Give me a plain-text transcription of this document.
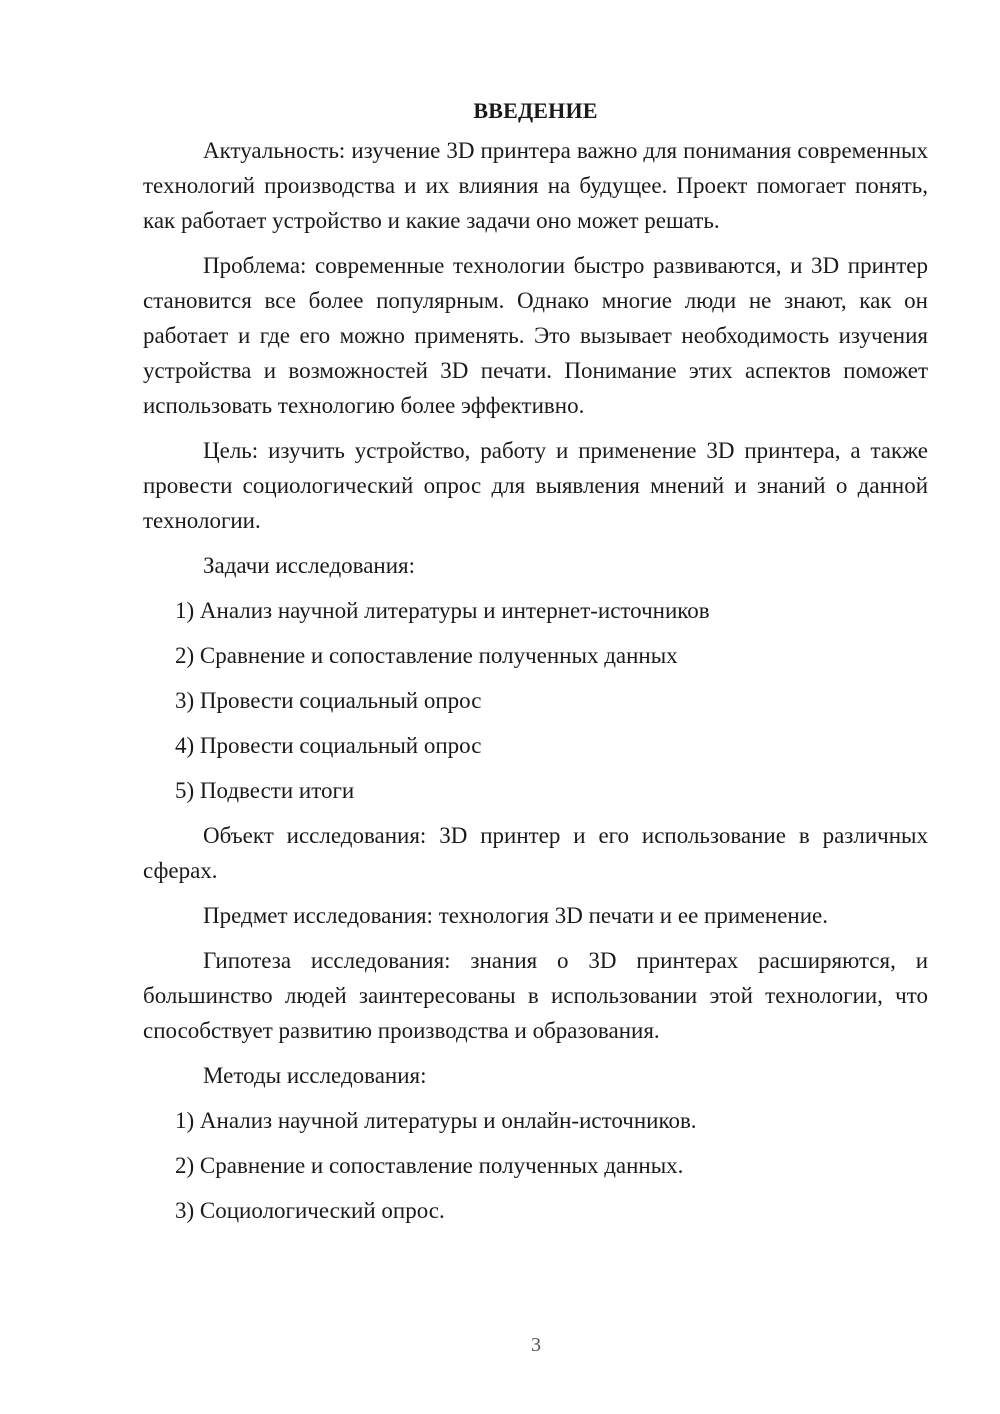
ВВЕДЕНИЕ

Актуальность: изучение 3D принтера важно для понимания современных технологий производства и их влияния на будущее. Проект помогает понять, как работает устройство и какие задачи оно может решать.

Проблема: современные технологии быстро развиваются, и 3D принтер становится все более популярным. Однако многие люди не знают, как он работает и где его можно применять. Это вызывает необходимость изучения устройства и возможностей 3D печати. Понимание этих аспектов поможет использовать технологию более эффективно.

Цель: изучить устройство, работу и применение 3D принтера, а также провести социологический опрос для выявления мнений и знаний о данной технологии.

Задачи исследования:

1) Анализ научной литературы и интернет-источников

2) Сравнение и сопоставление полученных данных

3) Провести социальный опрос

4) Провести социальный опрос

5) Подвести итоги

Объект исследования: 3D принтер и его использование в различных сферах.

Предмет исследования: технология 3D печати и ее применение.

Гипотеза исследования: знания о 3D принтерах расширяются, и большинство людей заинтересованы в использовании этой технологии, что способствует развитию производства и образования.

Методы исследования:

1) Анализ научной литературы и онлайн-источников.

2) Сравнение и сопоставление полученных данных.

3) Социологический опрос.

3
